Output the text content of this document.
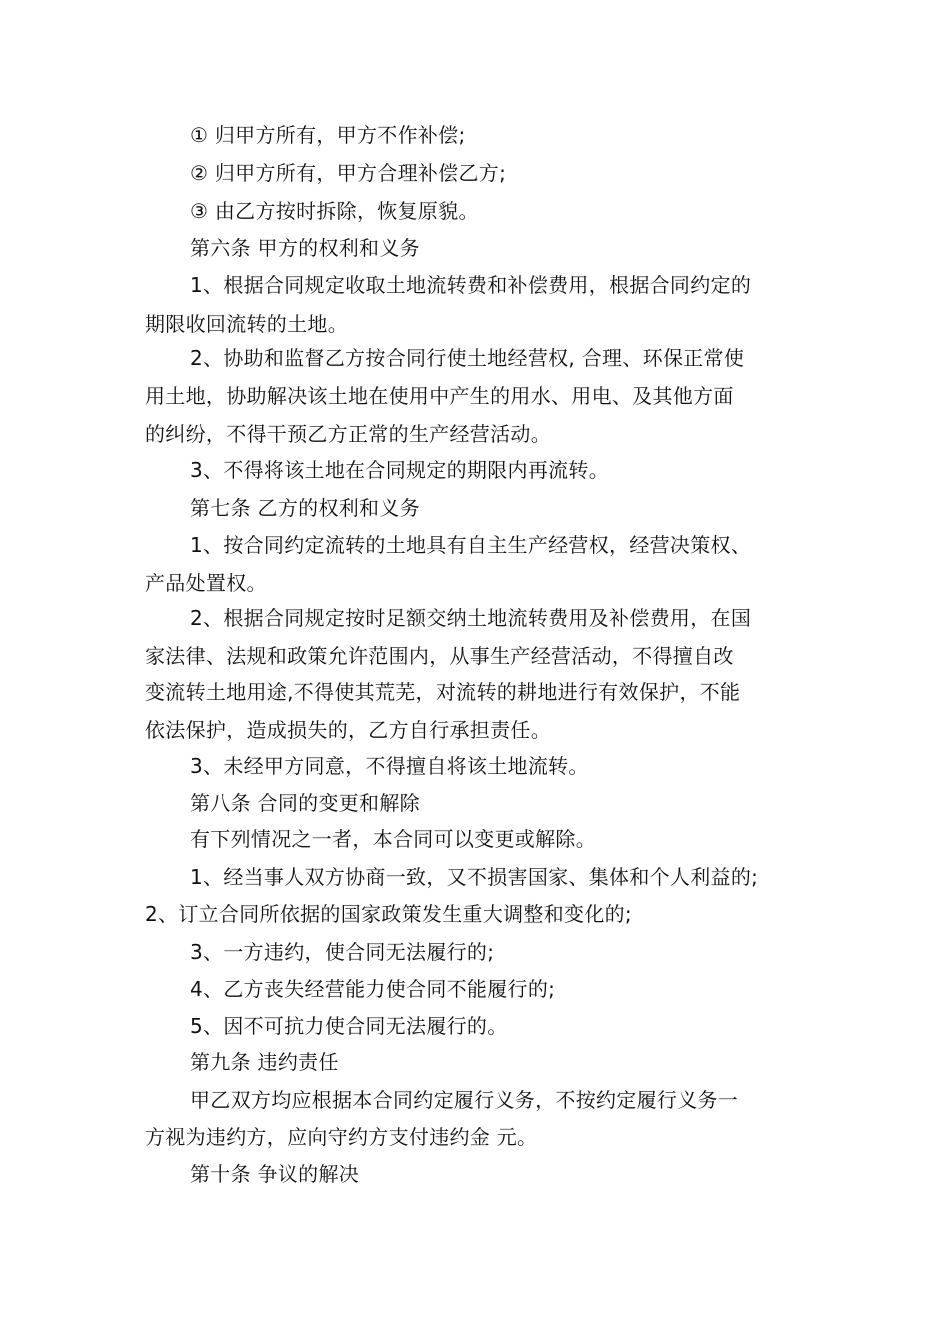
① 归甲方所有，甲方不作补偿;
② 归甲方所有，甲方合理补偿乙方;
③ 由乙方按时拆除，恢复原貌。
第六条 甲方的权利和义务
1、根据合同规定收取土地流转费和补偿费用，根据合同约定的
期限收回流转的土地。
2、协助和监督乙方按合同行使土地经营权, 合理、环保正常使
用土地，协助解决该土地在使用中产生的用水、用电、及其他方面
的纠纷，不得干预乙方正常的生产经营活动。
3、不得将该土地在合同规定的期限内再流转。
第七条 乙方的权利和义务
1、按合同约定流转的土地具有自主生产经营权，经营决策权、
产品处置权。
2、根据合同规定按时足额交纳土地流转费用及补偿费用，在国
家法律、法规和政策允许范围内，从事生产经营活动，不得擅自改
变流转土地用途,不得使其荒芜，对流转的耕地进行有效保护，不能
依法保护，造成损失的，乙方自行承担责任。
3、未经甲方同意，不得擅自将该土地流转。
第八条 合同的变更和解除
有下列情况之一者，本合同可以变更或解除。
1、经当事人双方协商一致，又不损害国家、集体和个人利益的;
2、订立合同所依据的国家政策发生重大调整和变化的;
3、一方违约，使合同无法履行的;
4、乙方丧失经营能力使合同不能履行的;
5、因不可抗力使合同无法履行的。
第九条 违约责任
甲乙双方均应根据本合同约定履行义务，不按约定履行义务一
方视为违约方，应向守约方支付违约金 元。
第十条 争议的解决
